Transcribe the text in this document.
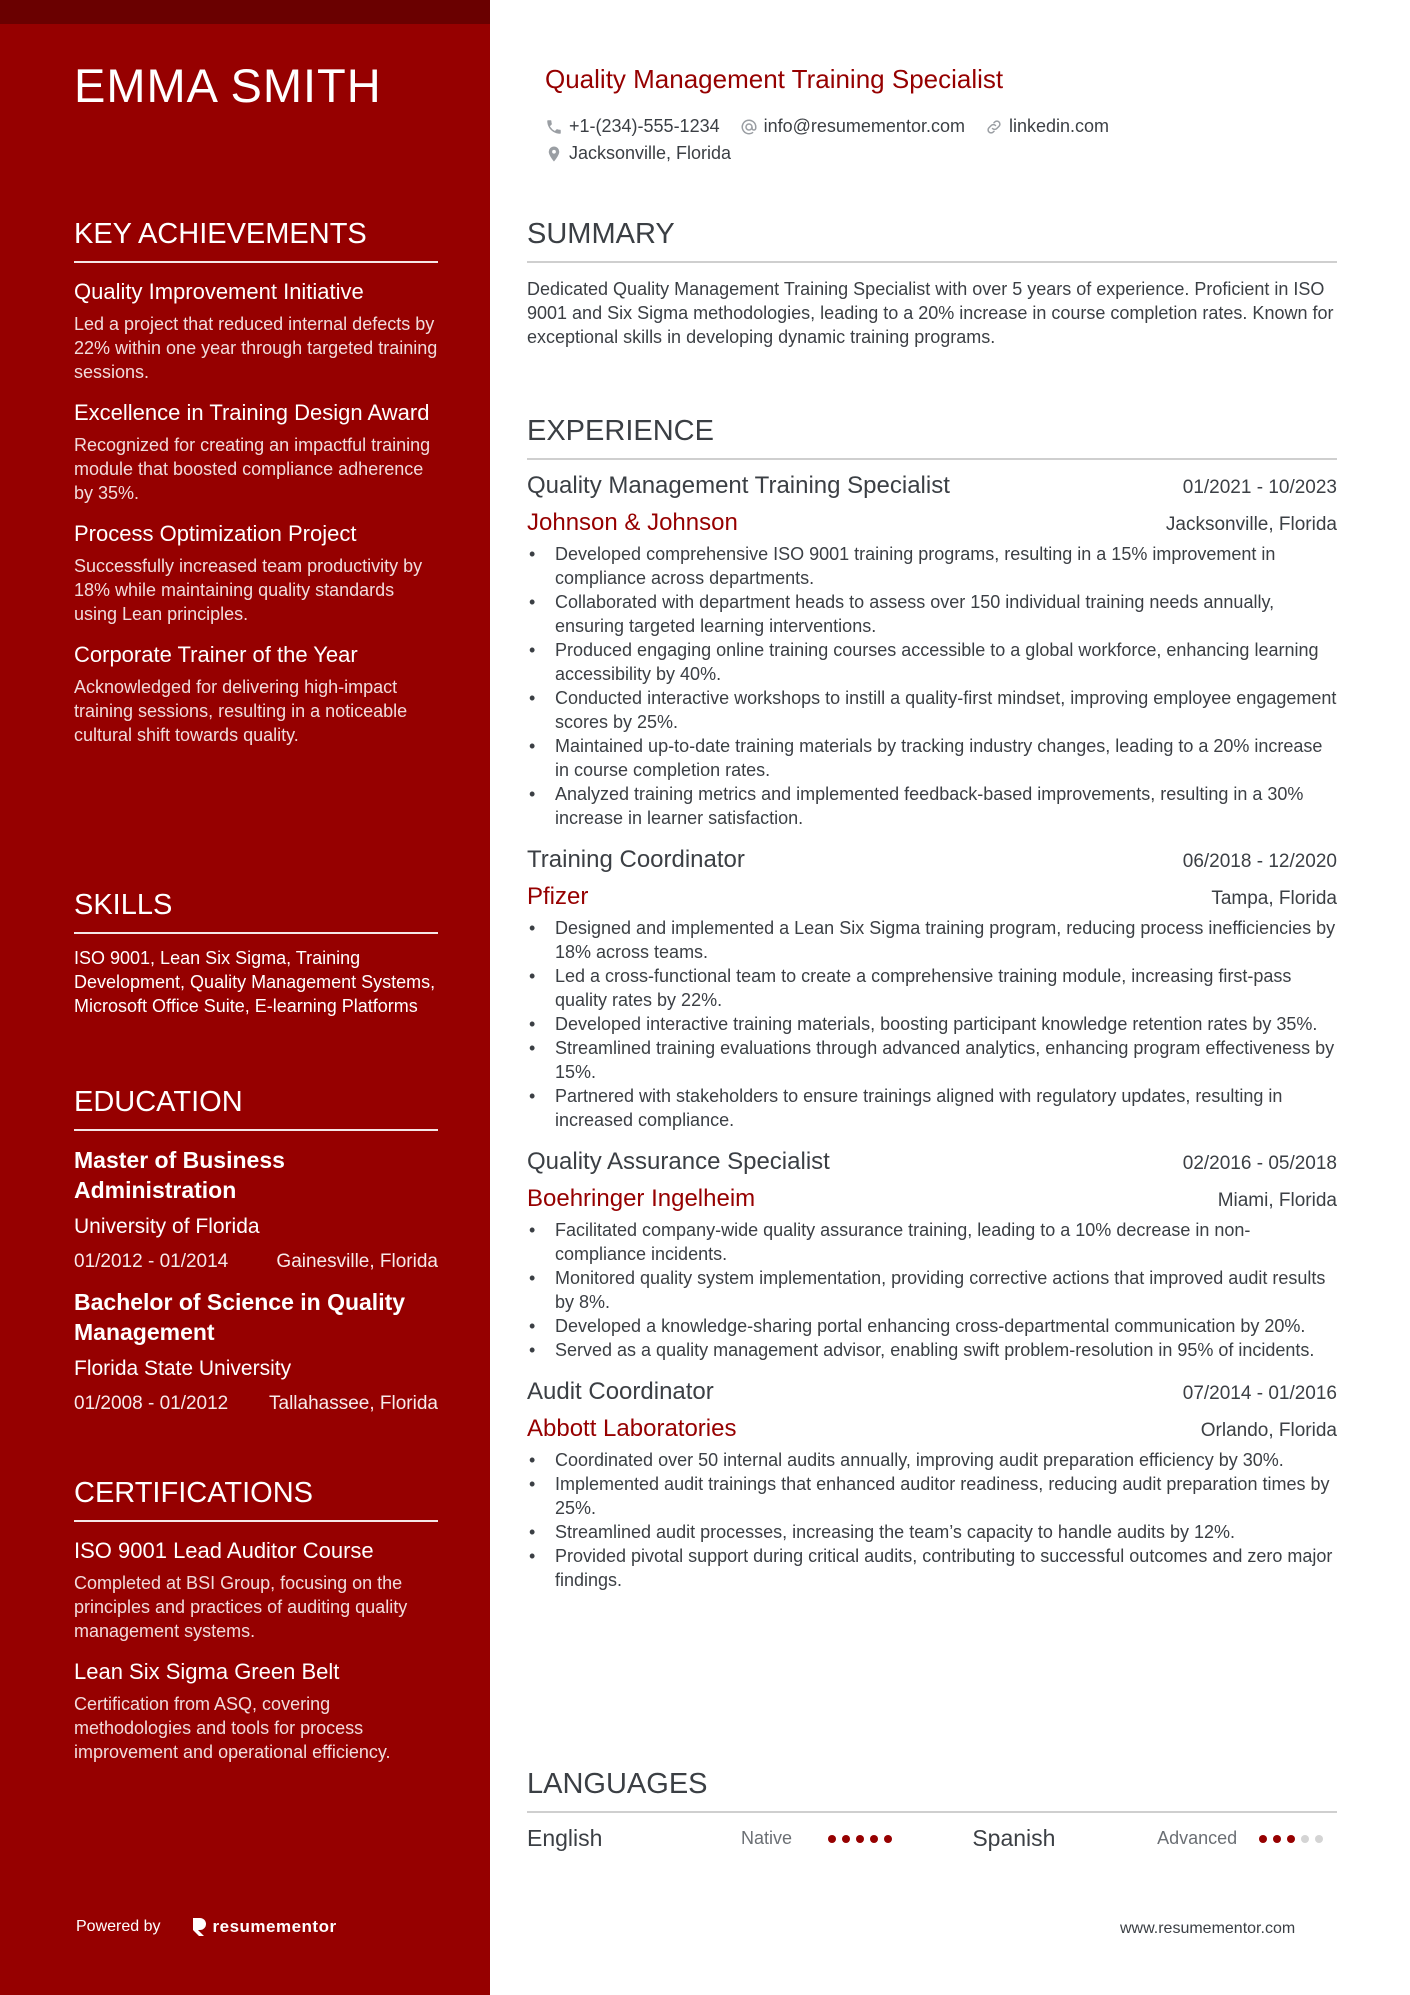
EMMA SMITH
KEY ACHIEVEMENTS
Quality Improvement Initiative
Led a project that reduced internal defects by 22% within one year through targeted training sessions.
Excellence in Training Design Award
Recognized for creating an impactful training module that boosted compliance adherence by 35%.
Process Optimization Project
Successfully increased team productivity by 18% while maintaining quality standards using Lean principles.
Corporate Trainer of the Year
Acknowledged for delivering high-impact training sessions, resulting in a noticeable cultural shift towards quality.
SKILLS
ISO 9001, Lean Six Sigma, Training Development, Quality Management Systems, Microsoft Office Suite, E-learning Platforms
EDUCATION
Master of Business Administration
University of Florida
01/2012 - 01/2014	Gainesville, Florida
Bachelor of Science in Quality Management
Florida State University
01/2008 - 01/2012 Tallahassee, Florida
CERTIFICATIONS
ISO 9001 Lead Auditor Course
Completed at BSI Group, focusing on the principles and practices of auditing quality management systems.
Lean Six Sigma Green Belt
Certification from ASQ, covering methodologies and tools for process improvement and operational efficiency.
Powered by	resumementor
Quality Management Training Specialist
+1-(234)-555-1234 info@resumementor.com linkedin.com
Jacksonville, Florida
SUMMARY
Dedicated Quality Management Training Specialist with over 5 years of experience. Proficient in ISO 9001 and Six Sigma methodologies, leading to a 20% increase in course completion rates. Known for exceptional skills in developing dynamic training programs.
EXPERIENCE
Quality Management Training Specialist	01/2021 - 10/2023
Johnson & Johnson	Jacksonville, Florida
• Developed comprehensive ISO 9001 training programs, resulting in a 15% improvement in compliance across departments.
• Collaborated with department heads to assess over 150 individual training needs annually, ensuring targeted learning interventions.
• Produced engaging online training courses accessible to a global workforce, enhancing learning accessibility by 40%.
• Conducted interactive workshops to instill a quality-first mindset, improving employee engagement scores by 25%.
• Maintained up-to-date training materials by tracking industry changes, leading to a 20% increase in course completion rates.
• Analyzed training metrics and implemented feedback-based improvements, resulting in a 30% increase in learner satisfaction.
Training Coordinator	06/2018 - 12/2020
Pfizer	Tampa, Florida
• Designed and implemented a Lean Six Sigma training program, reducing process inefficiencies by 18% across teams.
• Led a cross-functional team to create a comprehensive training module, increasing first-pass quality rates by 22%.
• Developed interactive training materials, boosting participant knowledge retention rates by 35%.
• Streamlined training evaluations through advanced analytics, enhancing program effectiveness by 15%.
• Partnered with stakeholders to ensure trainings aligned with regulatory updates, resulting in increased compliance.
Quality Assurance Specialist	02/2016 - 05/2018
Boehringer Ingelheim	Miami, Florida
• Facilitated company-wide quality assurance training, leading to a 10% decrease in non-compliance incidents.
• Monitored quality system implementation, providing corrective actions that improved audit results by 8%.
• Developed a knowledge-sharing portal enhancing cross-departmental communication by 20%.
• Served as a quality management advisor, enabling swift problem-resolution in 95% of incidents.
Audit Coordinator	07/2014 - 01/2016
Abbott Laboratories	Orlando, Florida
• Coordinated over 50 internal audits annually, improving audit preparation efficiency by 30%.
• Implemented audit trainings that enhanced auditor readiness, reducing audit preparation times by 25%.
• Streamlined audit processes, increasing the team’s capacity to handle audits by 12%.
• Provided pivotal support during critical audits, contributing to successful outcomes and zero major findings.
LANGUAGES
English	Native	Spanish	Advanced
www.resumementor.com
